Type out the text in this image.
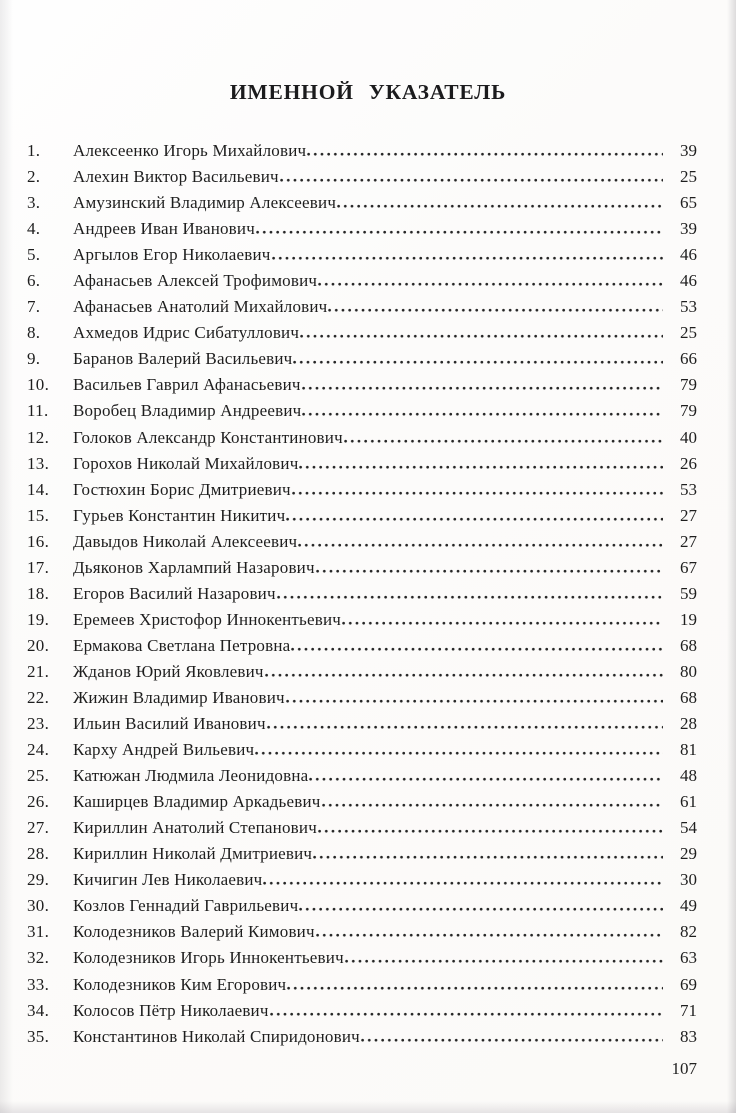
ИМЕННОЙ УКАЗАТЕЛЬ
1.	Алексеенко Игорь Михайлович	39
2.	Алехин Виктор Васильевич	25
3.	Амузинский Владимир Алексеевич	65
4.	Андреев Иван Иванович	39
5.	Аргылов Егор Николаевич	46
6.	Афанасьев Алексей Трофимович	46
7.	Афанасьев Анатолий Михайлович	53
8.	Ахмедов Идрис Сибатуллович	25
9.	Баранов Валерий Васильевич	66
10.	Васильев Гаврил Афанасьевич	79
11.	Воробец Владимир Андреевич	79
12.	Голоков Александр Константинович	40
13.	Горохов Николай Михайлович	26
14.	Гостюхин Борис Дмитриевич	53
15.	Гурьев Константин Никитич	27
16.	Давыдов Николай Алексеевич	27
17.	Дьяконов Харлампий Назарович	67
18.	Егоров Василий Назарович	59
19.	Еремеев Христофор Иннокентьевич	19
20.	Ермакова Светлана Петровна	68
21.	Жданов Юрий Яковлевич	80
22.	Жижин Владимир Иванович	68
23.	Ильин Василий Иванович	28
24.	Карху Андрей Вильевич	81
25.	Катюжан Людмила Леонидовна	48
26.	Каширцев Владимир Аркадьевич	61
27.	Кириллин Анатолий Степанович	54
28.	Кириллин Николай Дмитриевич	29
29.	Кичигин Лев Николаевич	30
30.	Козлов Геннадий Гаврильевич	49
31.	Колодезников Валерий Кимович	82
32.	Колодезников Игорь Иннокентьевич	63
33.	Колодезников Ким Егорович	69
34.	Колосов Пётр Николаевич	71
35.	Константинов Николай Спиридонович	83
107
